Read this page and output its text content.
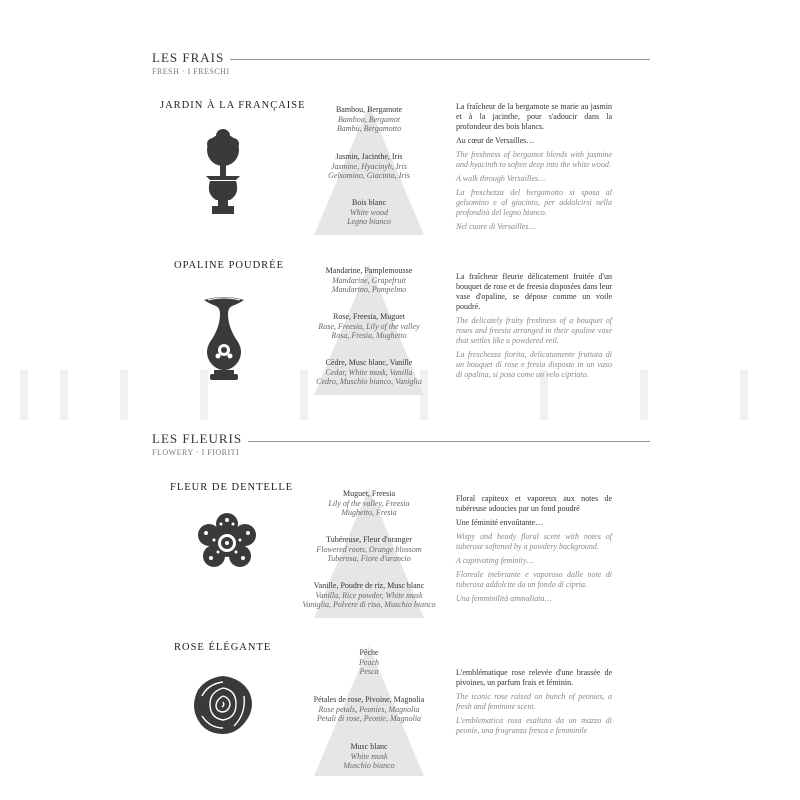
LES FRAIS
FRESH · I FRESCHI
JARDIN À LA FRANÇAISE	Bambou, Bergamote
Bamboo, Bergamot
Bambù, Bergamotto
Jasmin, Jacinthe, Iris
Jasmine, Hyacinyh, Iris
Gelsomino, Giacinta, Iris
Bois blanc
White wood
Legno bianco

La fraîcheur de la bergamote se marie au jasmin et à la jacinthe, pour s'adoucir dans la profondeur des bois blancs.

Au cœur de Versailles…

The freshness of bergamot blends with jasmine and hyacinth to soften deep into the white wood.

A walk through Versailles…

La freschezza del bergamotto si sposa al gelsomino e al giacinto, per addolcirsi nella profondità del legno bianco.

Nel cuore di Versailles…

OPALINE POUDRÉE	Mandarine, Pamplemousse
Mandarine, Grapefruit
Mandarino, Pompelmo
Rose, Freesia, Muguet
Rose, Freesia, Lily of the valley
Rosa, Fresia, Mughetto
Cèdre, Musc blanc, Vanille
Cedar, White musk, Vanilla
Cedro, Muschio bianco, Vaniglia

La fraîcheur fleurie délicatement fruitée d'un bouquet de rose et de freesia disposées dans leur vase d'opaline, se dépose comme un voile poudré.

The delicately fruity freshness of a bouquet of roses and freesia arranged in their opaline vase that settles like a powdered veil.

La freschezza fiorita, delicatamente fruttata di un bouquet di rose e fresia disposte in un vaso di opalina, si posa come un velo cipriato.

LES FLEURIS
FLOWERY · I FIORITI
FLEUR DE DENTELLE
Muguet, Freesia
Lily of the valley, Freesia
Mughetto, Fresia
Tubéreuse, Fleur d'oranger
Flowered roots, Orange blossom
Tuberosa, Fiore d'arancio
Vanille, Poudre de riz, Musc blanc
Vanilla, Rice powder, White musk
Vaniglia, Polvere di riso, Muschio bianco

Floral capiteux et vaporeux aux notes de tubéreuse adoucies par un fond poudré

Une féminité envoûtante…

Wispy and heady floral scent with notes of tuberose softened by a powdery background.

A captivating feminity…

Floreale inebriante e vaporoso dalle note di tuberosa addolcite da un fondo di cipria.

Una femminilità ammaliata…

ROSE ÉLÉGANTE	Pêche
Peach
Pesca
Pétales de rose, Pivoine, Magnolia
Rose petals, Peonies, Magnolia
Petali di rose, Peonie, Magnolia
Musc blanc
White musk
Muschio bianco

L'emblématique rose relevée d'une brassée de pivoines, un parfum frais et féminin.

The iconic rose raised on bunch of peonies, a fresh and feminine scent.

L'emblematica rosa esaltata da un mazzo di peonie, una fragranza fresca e femminile
